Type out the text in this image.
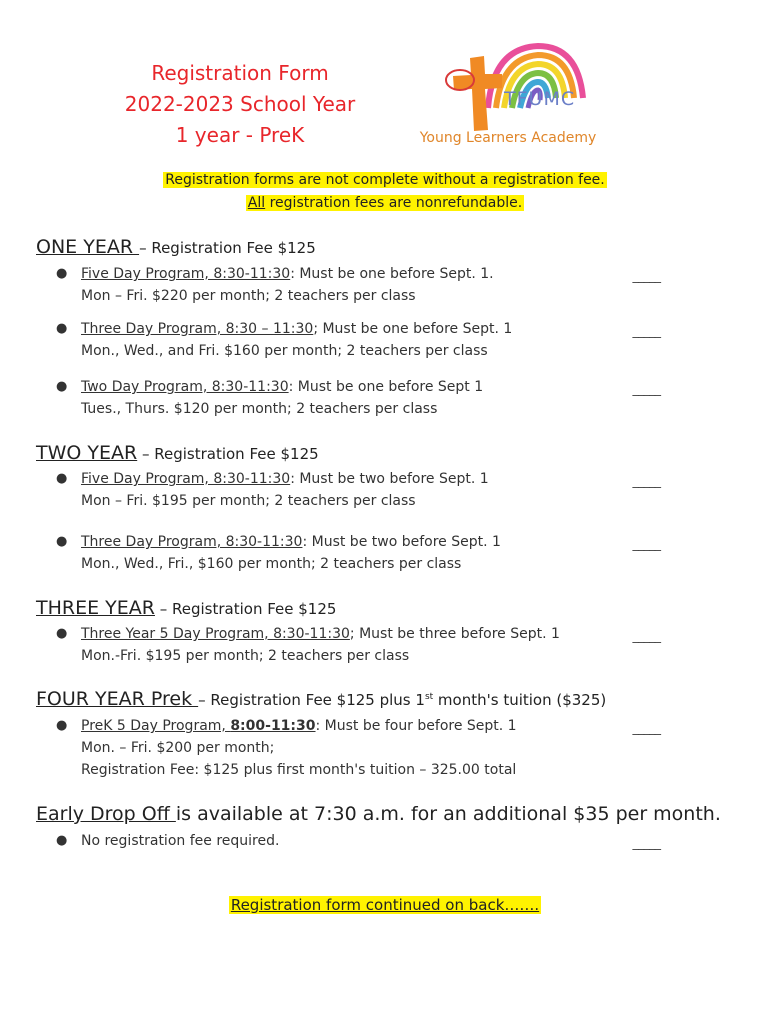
Registration Form
2022-2023 School Year
1 year - PreK
TFUMC
Young Learners Academy
Registration forms are not complete without a registration fee.
All registration fees are nonrefundable.
ONE YEAR – Registration Fee $125
● Five Day Program, 8:30-11:30: Must be one before Sept. 1.
Mon – Fri. $220 per month; 2 teachers per class
_____
● Three Day Program, 8:30 – 11:30; Must be one before Sept. 1
Mon., Wed., and Fri. $160 per month; 2 teachers per class
_____
● Two Day Program, 8:30-11:30: Must be one before Sept 1
Tues., Thurs. $120 per month; 2 teachers per class
_____
TWO YEAR – Registration Fee $125
● Five Day Program, 8:30-11:30: Must be two before Sept. 1
Mon – Fri. $195 per month; 2 teachers per class
_____
● Three Day Program, 8:30-11:30: Must be two before Sept. 1
Mon., Wed., Fri., $160 per month; 2 teachers per class
_____
THREE YEAR – Registration Fee $125
● Three Year 5 Day Program, 8:30-11:30; Must be three before Sept. 1
Mon.-Fri. $195 per month; 2 teachers per class
_____
FOUR YEAR Prek – Registration Fee $125 plus 1st month's tuition ($325)
● PreK 5 Day Program, 8:00-11:30: Must be four before Sept. 1
Mon. – Fri. $200 per month;
Registration Fee: $125 plus first month's tuition – 325.00 total
_____
Early Drop Off is available at 7:30 a.m. for an additional $35 per month.
● No registration fee required.	_____
Registration form continued on back…….
